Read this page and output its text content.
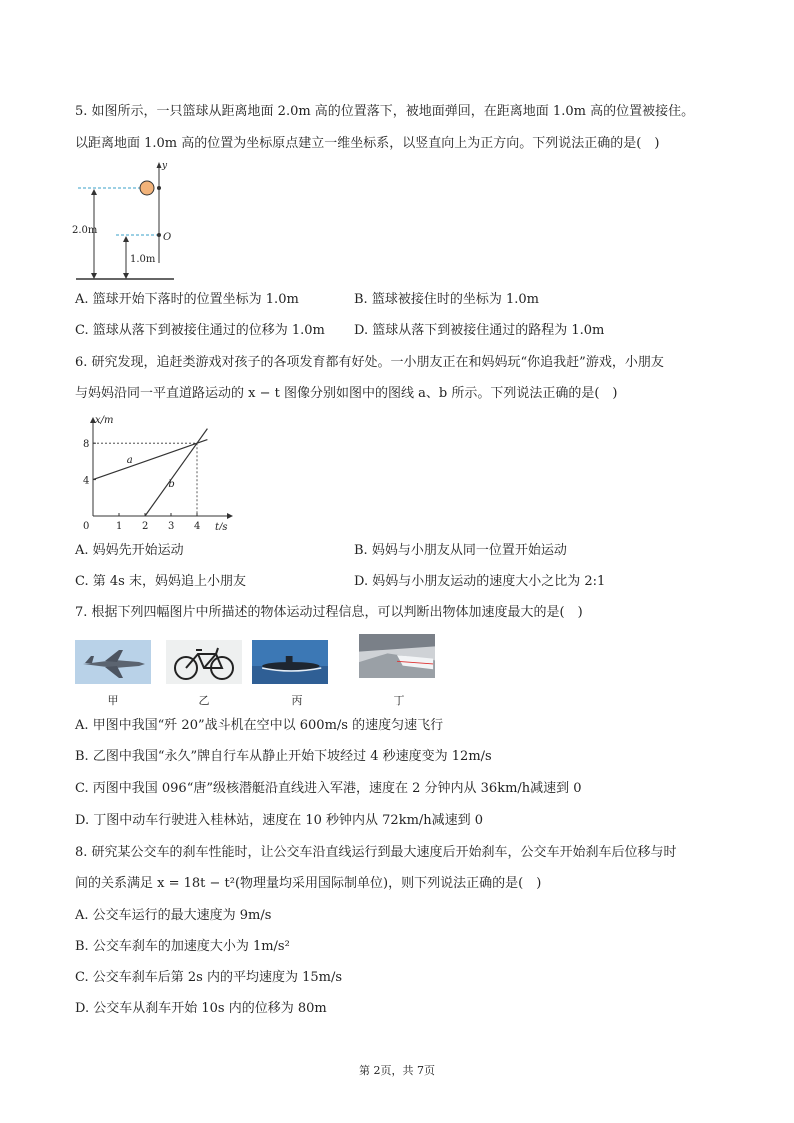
5. 如图所示，一只篮球从距离地面 2.0m 高的位置落下，被地面弹回，在距离地面 1.0m 高的位置被接住。
以距离地面 1.0m 高的位置为坐标原点建立一维坐标系，以竖直向上为正方向。下列说法正确的是(　)
2.0m
1.0m
y
O
A. 篮球开始下落时的位置坐标为 1.0m	B. 篮球被接住时的坐标为 1.0m
C. 篮球从落下到被接住通过的位移为 1.0m D. 篮球从落下到被接住通过的路程为 1.0m
6. 研究发现，追赶类游戏对孩子的各项发育都有好处。一小朋友正在和妈妈玩“你追我赶”游戏，小朋友
与妈妈沿同一平直道路运动的 x − t 图像分别如图中的图线 a、b 所示。下列说法正确的是(　)
x/m
t/s
0	1 2 3 4
4
8
a
b
A. 妈妈先开始运动	B. 妈妈与小朋友从同一位置开始运动
C. 第 4s 末，妈妈追上小朋友	D. 妈妈与小朋友运动的速度大小之比为 2:1
7. 根据下列四幅图片中所描述的物体运动过程信息，可以判断出物体加速度最大的是(　)
甲	乙	丙	丁
A. 甲图中我国“歼 20”战斗机在空中以 600m/s 的速度匀速飞行
B. 乙图中我国“永久”牌自行车从静止开始下坡经过 4 秒速度变为 12m/s
C. 丙图中我国 096“唐”级核潜艇沿直线进入军港，速度在 2 分钟内从 36km/h减速到 0
D. 丁图中动车行驶进入桂林站，速度在 10 秒钟内从 72km/h减速到 0
8. 研究某公交车的刹车性能时，让公交车沿直线运行到最大速度后开始刹车，公交车开始刹车后位移与时
间的关系满足 x = 18t − t²(物理量均采用国际制单位)，则下列说法正确的是(　)
A. 公交车运行的最大速度为 9m/s
B. 公交车刹车的加速度大小为 1m/s²
C. 公交车刹车后第 2s 内的平均速度为 15m/s
D. 公交车从刹车开始 10s 内的位移为 80m
第 2页，共 7页
